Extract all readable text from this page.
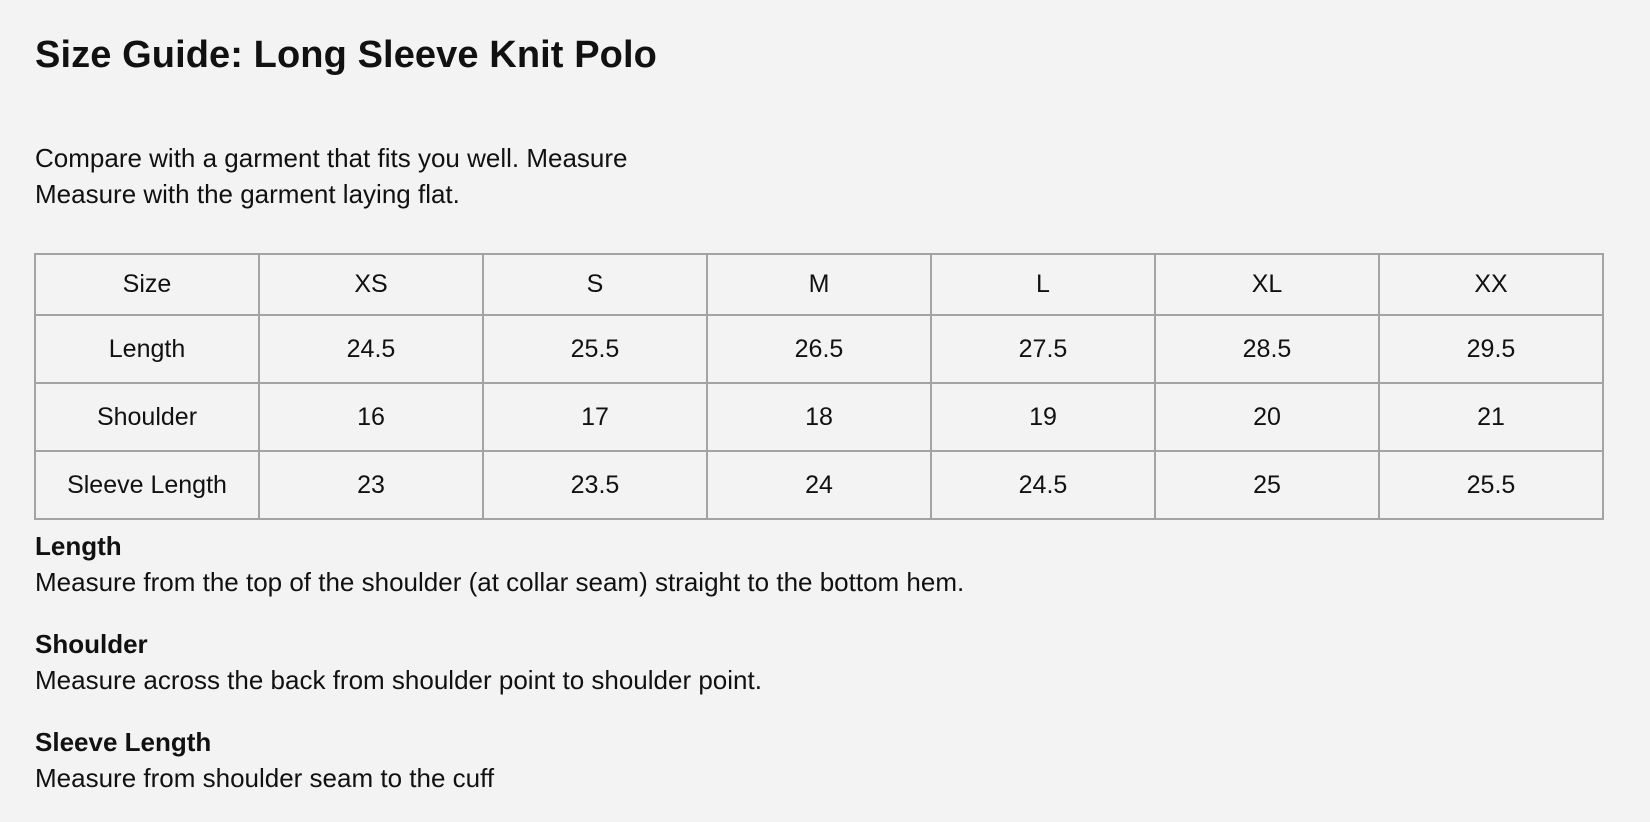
Size Guide: Long Sleeve Knit Polo
Compare with a garment that fits you well. Measure
Measure with the garment laying flat.
Size	XS	S	M	L	XL	XX
Length	24.5	25.5	26.5	27.5	28.5	29.5
Shoulder	16	17	18	19	20	21
Sleeve Length	23	23.5	24	24.5	25	25.5
Length
Measure from the top of the shoulder (at collar seam) straight to the bottom hem.
Shoulder
Measure across the back from shoulder point to shoulder point.
Sleeve Length
Measure from shoulder seam to the cuff
